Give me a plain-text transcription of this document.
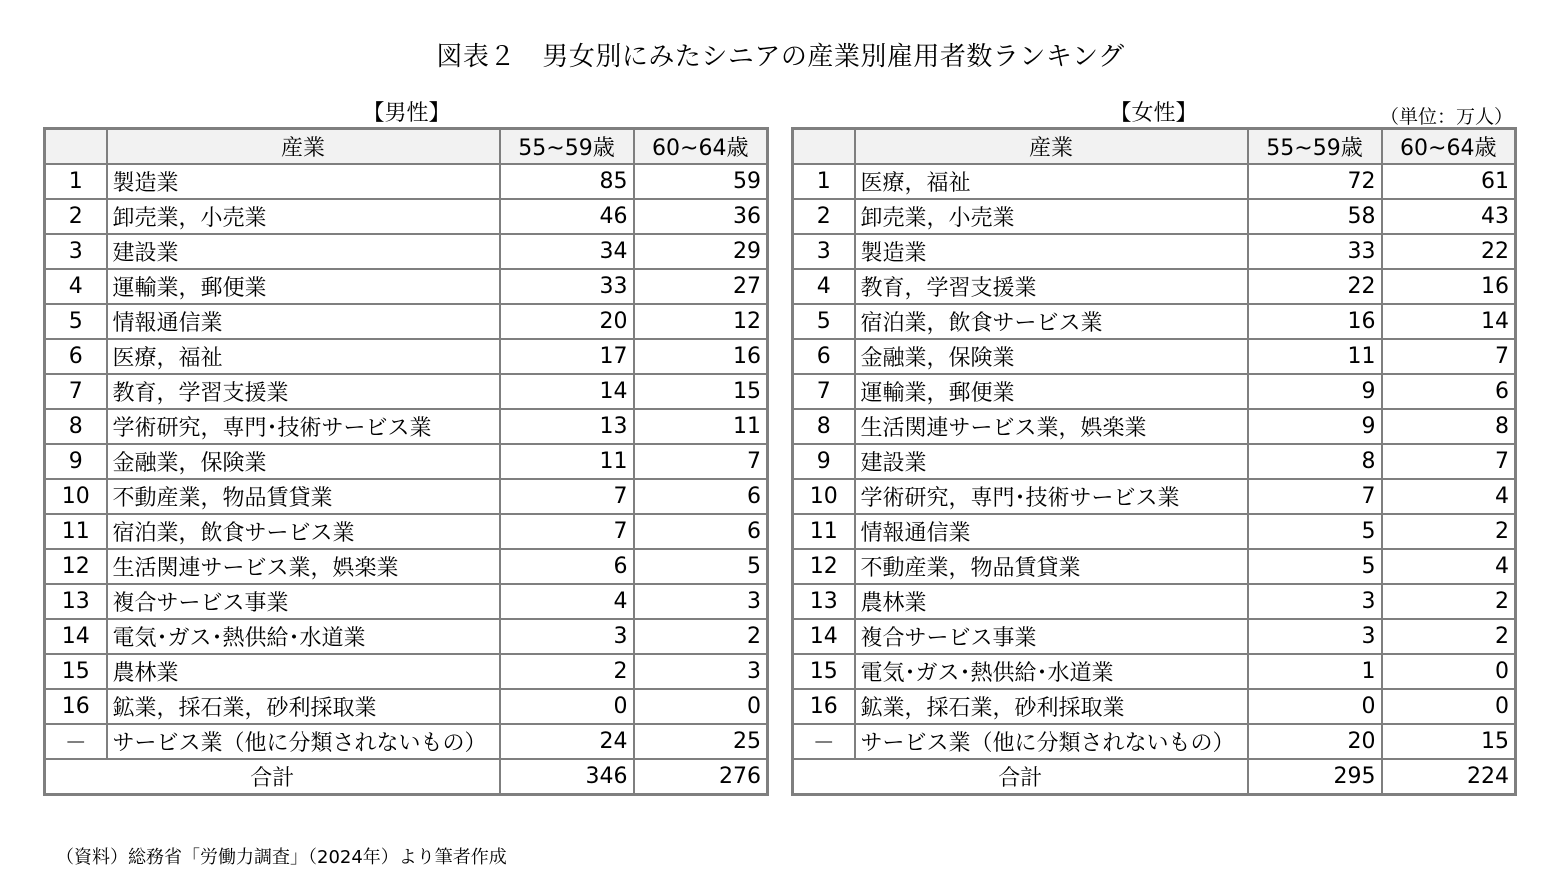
図表２　男女別にみたシニアの産業別雇用者数ランキング
【男性】	【女性】	（単位：万人）
	産業	55~59歳	60~64歳
1	製造業	85	59
2	卸売業，小売業	46	36
3	建設業	34	29
4	運輸業，郵便業	33	27
5	情報通信業	20	12
6	医療，福祉	17	16
7	教育，学習支援業	14	15
8	学術研究，専門･技術サービス業	13	11
9	金融業，保険業	11	7
10	不動産業，物品賃貸業	7	6
11	宿泊業，飲食サービス業	7	6
12	生活関連サービス業，娯楽業	6	5
13	複合サービス事業	4	3
14	電気･ガス･熱供給･水道業	3	2
15	農林業	2	3
16	鉱業，採石業，砂利採取業	0	0
－	サービス業（他に分類されないもの）	24	25
合計		346	276
	産業	55~59歳	60~64歳
1	医療，福祉	72	61
2	卸売業，小売業	58	43
3	製造業	33	22
4	教育，学習支援業	22	16
5	宿泊業，飲食サービス業	16	14
6	金融業，保険業	11	7
7	運輸業，郵便業	9	6
8	生活関連サービス業，娯楽業	9	8
9	建設業	8	7
10	学術研究，専門･技術サービス業	7	4
11	情報通信業	5	2
12	不動産業，物品賃貸業	5	4
13	農林業	3	2
14	複合サービス事業	3	2
15	電気･ガス･熱供給･水道業	1	0
16	鉱業，採石業，砂利採取業	0	0
－	サービス業（他に分類されないもの）	20	15
合計		295	224
（資料）総務省「労働力調査」（2024年）より筆者作成
